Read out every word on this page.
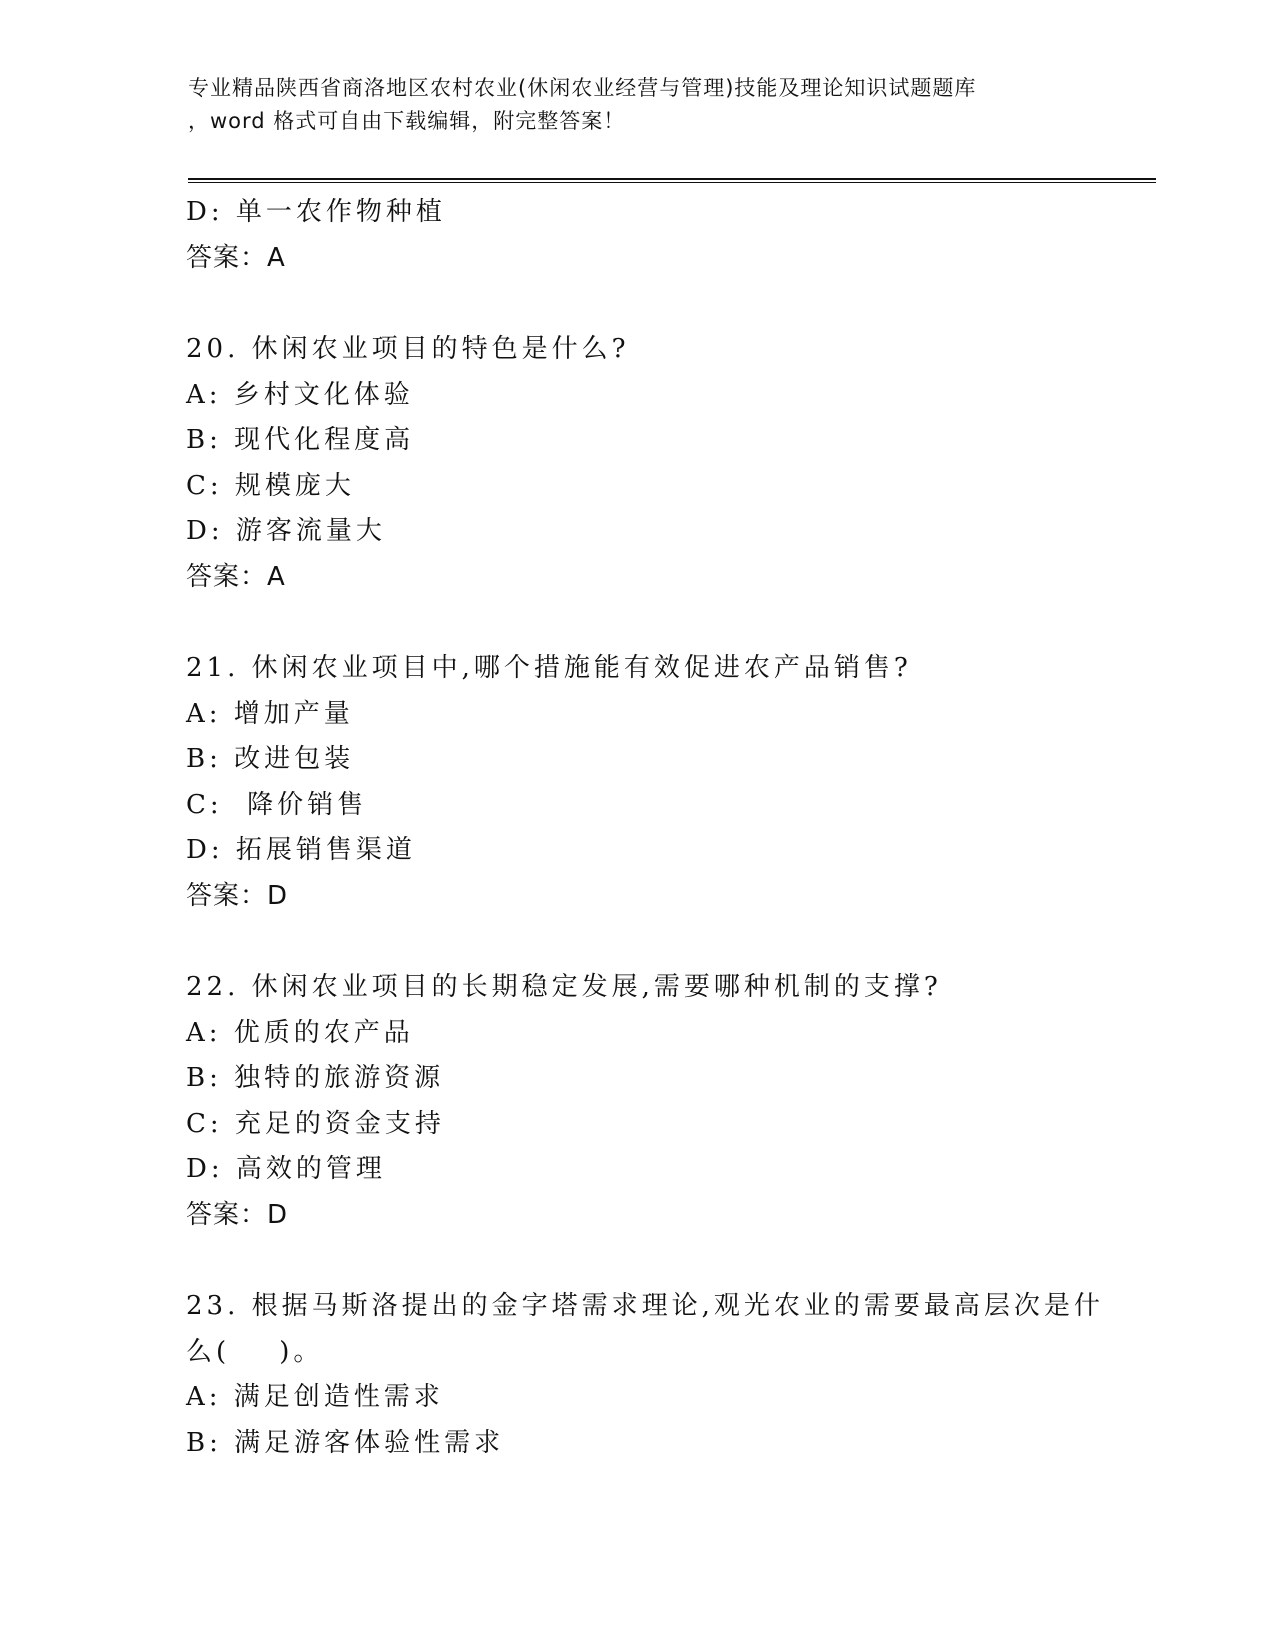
专业精品陕西省商洛地区农村农业(休闲农业经营与管理)技能及理论知识试题题库
，word 格式可自由下载编辑，附完整答案！
D: 单一农作物种植
答案：A
20. 休闲农业项目的特色是什么?
A: 乡村文化体验
B: 现代化程度高
C: 规模庞大
D: 游客流量大
答案：A
21. 休闲农业项目中,哪个措施能有效促进农产品销售?
A: 增加产量
B: 改进包装
C:  降价销售
D: 拓展销售渠道
答案：D
22. 休闲农业项目的长期稳定发展,需要哪种机制的支撑?
A: 优质的农产品
B: 独特的旅游资源
C: 充足的资金支持
D: 高效的管理
答案：D
23. 根据马斯洛提出的金字塔需求理论,观光农业的需要最高层次是什
么(    )。
A: 满足创造性需求
B: 满足游客体验性需求
